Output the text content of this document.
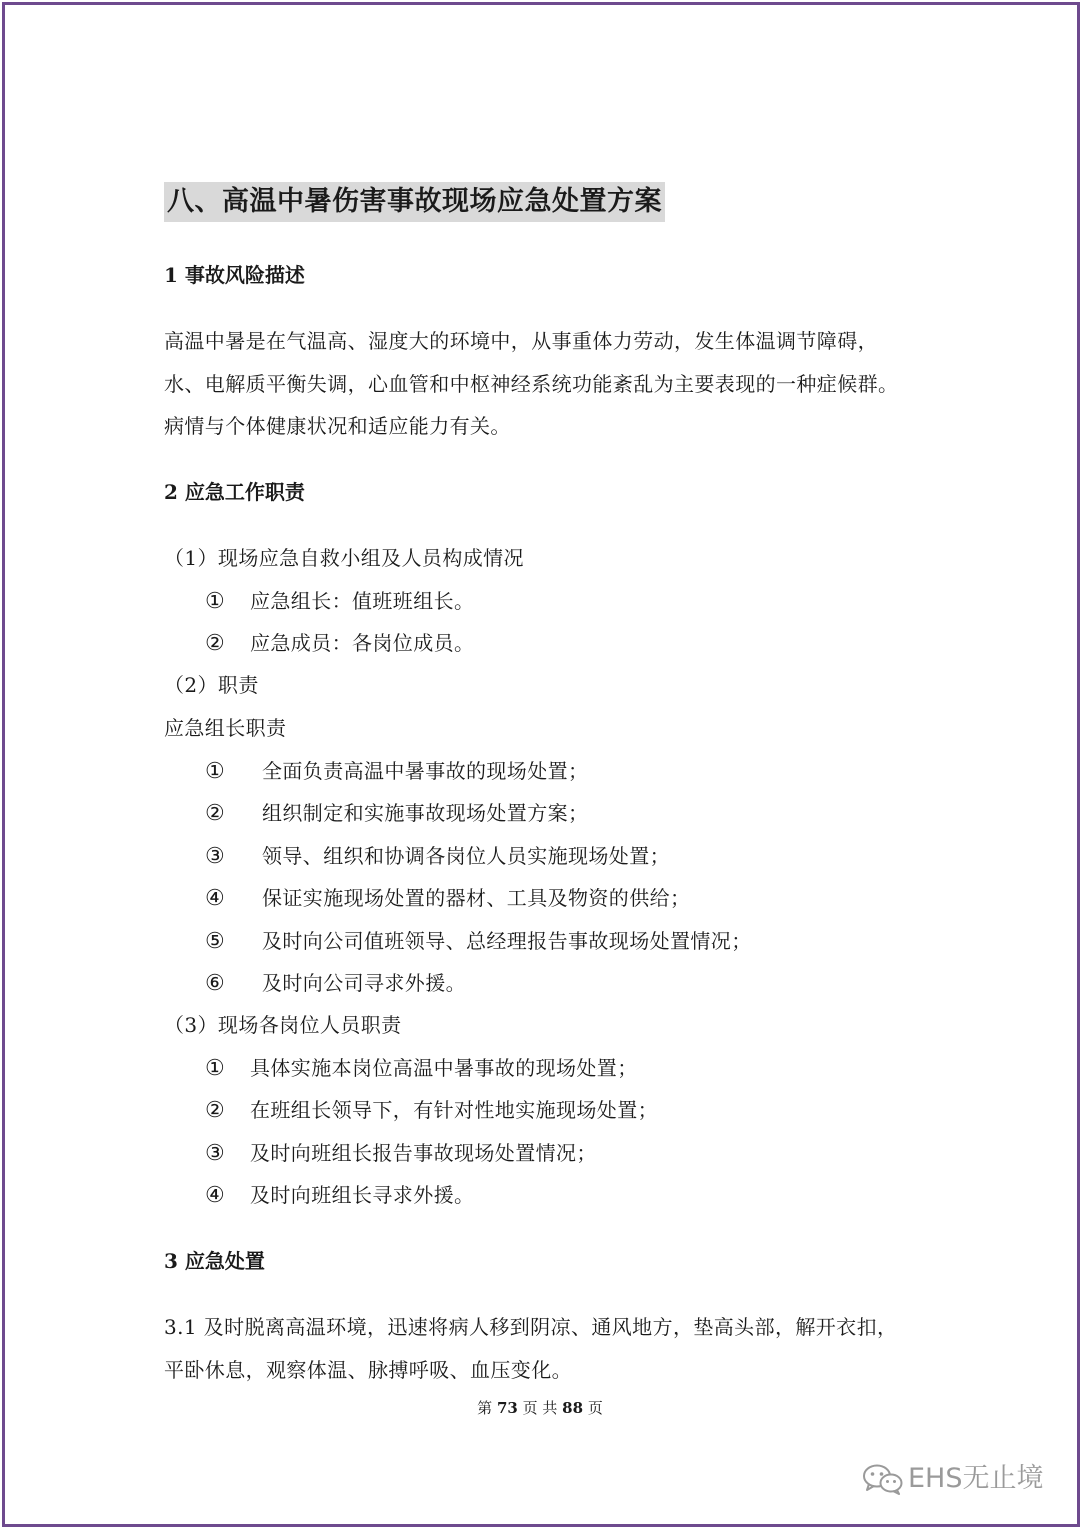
八、高温中暑伤害事故现场应急处置方案
1 事故风险描述

高温中暑是在气温高、湿度大的环境中，从事重体力劳动，发生体温调节障碍，

水、电解质平衡失调，心血管和中枢神经系统功能紊乱为主要表现的一种症候群。

病情与个体健康状况和适应能力有关。

2 应急工作职责
（1）现场应急自救小组及人员构成情况
① 应急组长：值班班组长。
② 应急成员：各岗位成员。
（2）职责
应急组长职责
① 全面负责高温中暑事故的现场处置；
② 组织制定和实施事故现场处置方案；
③ 领导、组织和协调各岗位人员实施现场处置；
④ 保证实施现场处置的器材、工具及物资的供给；
⑤ 及时向公司值班领导、总经理报告事故现场处置情况；
⑥ 及时向公司寻求外援。
（3）现场各岗位人员职责
① 具体实施本岗位高温中暑事故的现场处置；
② 在班组长领导下，有针对性地实施现场处置；
③ 及时向班组长报告事故现场处置情况；
④ 及时向班组长寻求外援。
3 应急处置

3.1 及时脱离高温环境，迅速将病人移到阴凉、通风地方，垫高头部，解开衣扣，

平卧休息，观察体温、脉搏呼吸、血压变化。

第 73 页 共 88 页
EHS无止境
